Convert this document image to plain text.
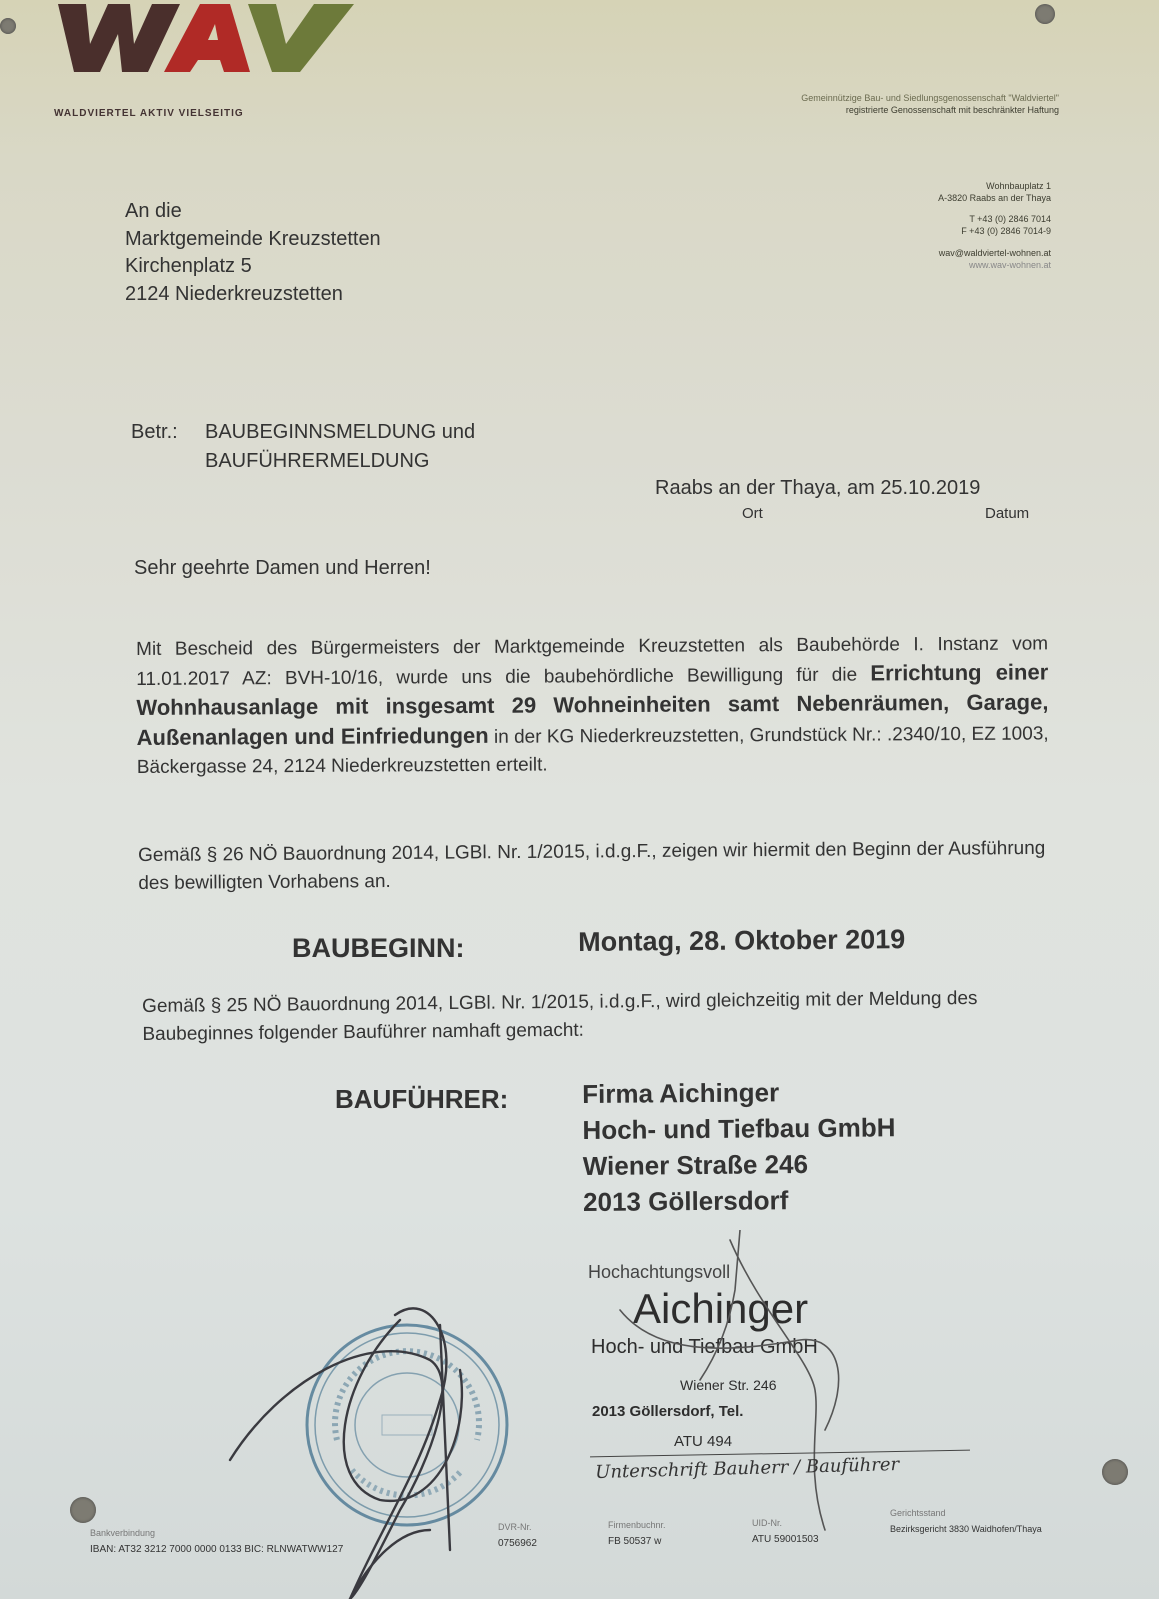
WALDVIERTEL AKTIV VIELSEITIG
Gemeinnützige Bau- und Siedlungsgenossenschaft "Waldviertel"
registrierte Genossenschaft mit beschränkter Haftung
Wohnbauplatz 1
A-3820 Raabs an der Thaya
T +43 (0) 2846 7014
F +43 (0) 2846 7014-9
wav@waldviertel-wohnen.at
www.wav-wohnen.at
An die
Marktgemeinde Kreuzstetten
Kirchenplatz 5
2124 Niederkreuzstetten
Betr.: BAUBEGINNSMELDUNG und
BAUFÜHRERMELDUNG
Raabs an der Thaya, am 25.10.2019
Ort	Datum
Sehr geehrte Damen und Herren!
Mit Bescheid des Bürgermeisters der Marktgemeinde Kreuzstetten als Baubehörde I. Instanz vom 11.01.2017 AZ: BVH-10/16, wurde uns die baubehördliche Bewilligung für die Errichtung einer Wohnhausanlage mit insgesamt 29 Wohneinheiten samt Nebenräumen, Garage, Außenanlagen und Einfriedungen in der KG Niederkreuzstetten, Grundstück Nr.: .2340/10, EZ 1003, Bäckergasse 24, 2124 Niederkreuzstetten erteilt.
Gemäß § 26 NÖ Bauordnung 2014, LGBl. Nr. 1/2015, i.d.g.F., zeigen wir hiermit den Beginn der Ausführung des bewilligten Vorhabens an.
BAUBEGINN:	Montag, 28. Oktober 2019
Gemäß § 25 NÖ Bauordnung 2014, LGBl. Nr. 1/2015, i.d.g.F., wird gleichzeitig mit der Meldung des Baubeginnes folgender Bauführer namhaft gemacht:
BAUFÜHRER:	Firma Aichinger
Hoch- und Tiefbau GmbH
Wiener Straße 246
2013 Göllersdorf
Hochachtungsvoll
Aichinger
Hoch- und Tiefbau GmbH
Wiener Str. 246
2013 Göllersdorf, Tel.
ATU 494
Unterschrift Bauherr / Bauführer
Bankverbindung
IBAN: AT32 3212 7000 0000 0133 BIC: RLNWATWW127
DVR-Nr.
0756962
Firmenbuchnr.
FB 50537 w
UID-Nr.
ATU 59001503
Gerichtsstand
Bezirksgericht 3830 Waidhofen/Thaya
